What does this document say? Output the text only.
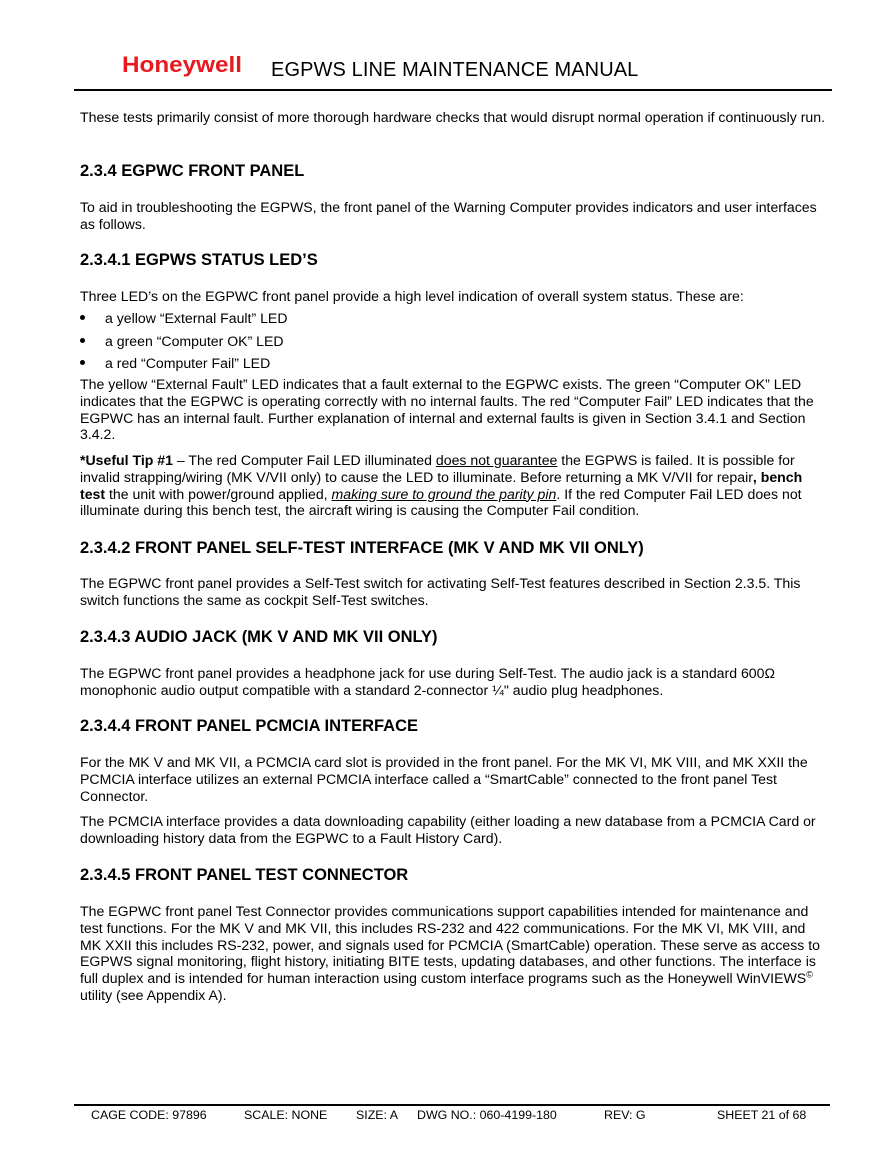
Honeywell EGPWS LINE MAINTENANCE MANUAL

These tests primarily consist of more thorough hardware checks that would disrupt normal operation if continuously run.

2.3.4 EGPWC FRONT PANEL

To aid in troubleshooting the EGPWS, the front panel of the Warning Computer provides indicators and user interfaces as follows.

2.3.4.1 EGPWS STATUS LED’S

Three LED’s on the EGPWC front panel provide a high level indication of overall system status. These are:

a yellow “External Fault” LED
a green “Computer OK” LED
a red “Computer Fail” LED

The yellow “External Fault” LED indicates that a fault external to the EGPWC exists. The green “Computer OK” LED indicates that the EGPWC is operating correctly with no internal faults. The red “Computer Fail” LED indicates that the EGPWC has an internal fault. Further explanation of internal and external faults is given in Section 3.4.1 and Section 3.4.2.

*Useful Tip #1 – The red Computer Fail LED illuminated does not guarantee the EGPWS is failed. It is possible for invalid strapping/wiring (MK V/VII only) to cause the LED to illuminate. Before returning a MK V/VII for repair, bench test the unit with power/ground applied, making sure to ground the parity pin. If the red Computer Fail LED does not illuminate during this bench test, the aircraft wiring is causing the Computer Fail condition.

2.3.4.2 FRONT PANEL SELF-TEST INTERFACE (MK V AND MK VII ONLY)

The EGPWC front panel provides a Self-Test switch for activating Self-Test features described in Section 2.3.5. This switch functions the same as cockpit Self-Test switches.

2.3.4.3 AUDIO JACK (MK V AND MK VII ONLY)

The EGPWC front panel provides a headphone jack for use during Self-Test. The audio jack is a standard 600Ω monophonic audio output compatible with a standard 2-connector ¼" audio plug headphones.

2.3.4.4 FRONT PANEL PCMCIA INTERFACE

For the MK V and MK VII, a PCMCIA card slot is provided in the front panel. For the MK VI, MK VIII, and MK XXII the PCMCIA interface utilizes an external PCMCIA interface called a “SmartCable” connected to the front panel Test Connector.

The PCMCIA interface provides a data downloading capability (either loading a new database from a PCMCIA Card or downloading history data from the EGPWC to a Fault History Card).

2.3.4.5 FRONT PANEL TEST CONNECTOR

The EGPWC front panel Test Connector provides communications support capabilities intended for maintenance and test functions. For the MK V and MK VII, this includes RS-232 and 422 communications. For the MK VI, MK VIII, and MK XXII this includes RS-232, power, and signals used for PCMCIA (SmartCable) operation. These serve as access to EGPWS signal monitoring, flight history, initiating BITE tests, updating databases, and other functions. The interface is full duplex and is intended for human interaction using custom interface programs such as the Honeywell WinVIEWS© utility (see Appendix A).

CAGE CODE: 97896	SCALE: NONE SIZE: A DWG NO.: 060-4199-180	REV: G	SHEET 21 of 68
